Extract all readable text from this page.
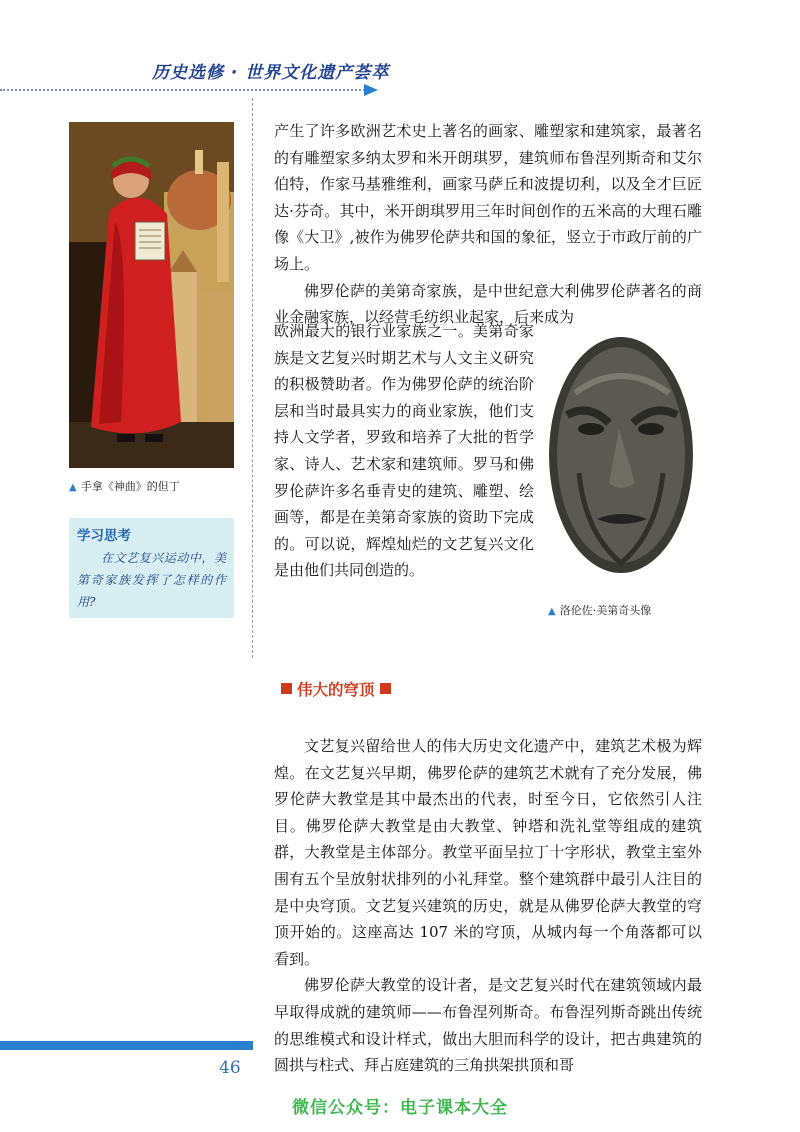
历史选修 · 世界文化遗产荟萃
▲ 手拿《神曲》的但丁
学习思考
在文艺复兴运动中，美第奇家族发挥了怎样的作用?

产生了许多欧洲艺术史上著名的画家、雕塑家和建筑家，最著名的有雕塑家多纳太罗和米开朗琪罗，建筑师布鲁涅列斯奇和艾尔伯特，作家马基雅维利，画家马萨丘和波提切利，以及全才巨匠达·芬奇。其中，米开朗琪罗用三年时间创作的五米高的大理石雕像《大卫》,被作为佛罗伦萨共和国的象征，竖立于市政厅前的广场上。

佛罗伦萨的美第奇家族，是中世纪意大利佛罗伦萨著名的商业金融家族，以经营毛纺织业起家，后来成为

欧洲最大的银行业家族之一。美第奇家族是文艺复兴时期艺术与人文主义研究的积极赞助者。作为佛罗伦萨的统治阶层和当时最具实力的商业家族，他们支持人文学者，罗致和培养了大批的哲学家、诗人、艺术家和建筑师。罗马和佛罗伦萨许多名垂青史的建筑、雕塑、绘画等，都是在美第奇家族的资助下完成的。可以说，辉煌灿烂的文艺复兴文化是由他们共同创造的。

▲ 洛伦佐·美第奇头像
伟大的穹顶

文艺复兴留给世人的伟大历史文化遗产中，建筑艺术极为辉煌。在文艺复兴早期，佛罗伦萨的建筑艺术就有了充分发展，佛罗伦萨大教堂是其中最杰出的代表，时至今日，它依然引人注目。佛罗伦萨大教堂是由大教堂、钟塔和洗礼堂等组成的建筑群，大教堂是主体部分。教堂平面呈拉丁十字形状，教堂主室外围有五个呈放射状排列的小礼拜堂。整个建筑群中最引人注目的是中央穹顶。文艺复兴建筑的历史，就是从佛罗伦萨大教堂的穹顶开始的。这座高达 107 米的穹顶，从城内每一个角落都可以看到。

佛罗伦萨大教堂的设计者，是文艺复兴时代在建筑领域内最早取得成就的建筑师——布鲁涅列斯奇。布鲁涅列斯奇跳出传统的思维模式和设计样式，做出大胆而科学的设计，把古典建筑的圆拱与柱式、拜占庭建筑的三角拱架拱顶和哥

46
微信公众号：电子课本大全
